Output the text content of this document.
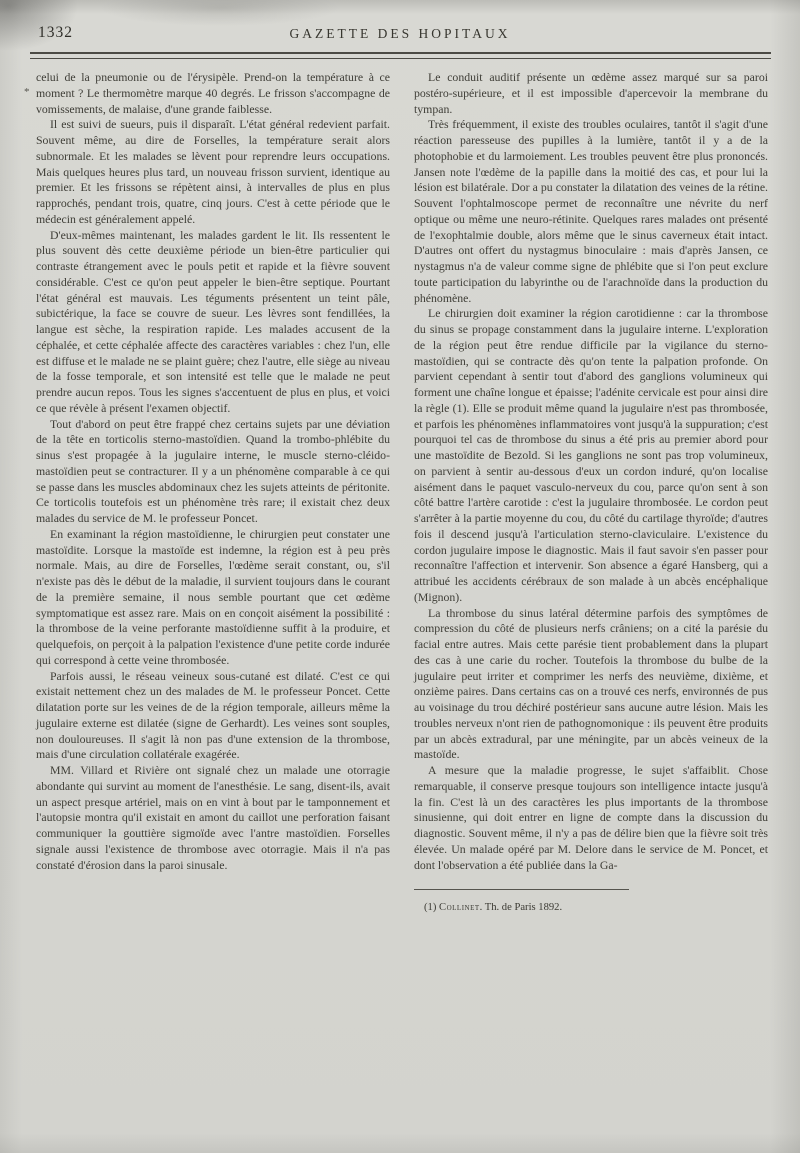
1332	GAZETTE DES HOPITAUX
*

celui de la pneumonie ou de l'érysipèle. Prend-on la température à ce moment ? Le thermomètre marque 40 degrés. Le frisson s'accompagne de vomissements, de malaise, d'une grande faiblesse.

Il est suivi de sueurs, puis il disparaît. L'état général redevient parfait. Souvent même, au dire de Forselles, la température serait alors subnormale. Et les malades se lèvent pour reprendre leurs occupations. Mais quelques heures plus tard, un nouveau frisson survient, identique au premier. Et les frissons se répètent ainsi, à intervalles de plus en plus rapprochés, pendant trois, quatre, cinq jours. C'est à cette période que le médecin est généralement appelé.

D'eux-mêmes maintenant, les malades gardent le lit. Ils ressentent le plus souvent dès cette deuxième période un bien-être particulier qui contraste étrangement avec le pouls petit et rapide et la fièvre souvent considérable. C'est ce qu'on peut appeler le bien-être septique. Pourtant l'état général est mauvais. Les téguments présentent un teint pâle, subictérique, la face se couvre de sueur. Les lèvres sont fendillées, la langue est sèche, la respiration rapide. Les malades accusent de la céphalée, et cette céphalée affecte des caractères variables : chez l'un, elle est diffuse et le malade ne se plaint guère; chez l'autre, elle siège au niveau de la fosse temporale, et son intensité est telle que le malade ne peut prendre aucun repos. Tous les signes s'accentuent de plus en plus, et voici ce que révèle à présent l'examen objectif.

Tout d'abord on peut être frappé chez certains sujets par une déviation de la tête en torticolis sterno-mastoïdien. Quand la trombo-phlébite du sinus s'est propagée à la jugulaire interne, le muscle sterno-cléido-mastoïdien peut se contracturer. Il y a un phénomène comparable à ce qui se passe dans les muscles abdominaux chez les sujets atteints de péritonite. Ce torticolis toutefois est un phénomène très rare; il existait chez deux malades du service de M. le professeur Poncet.

En examinant la région mastoïdienne, le chirurgien peut constater une mastoïdite. Lorsque la mastoïde est indemne, la région est à peu près normale. Mais, au dire de Forselles, l'œdème serait constant, ou, s'il n'existe pas dès le début de la maladie, il survient toujours dans le courant de la première semaine, il nous semble pourtant que cet œdème symptomatique est assez rare. Mais on en conçoit aisément la possibilité : la thrombose de la veine perforante mastoïdienne suffit à la produire, et quelquefois, on perçoit à la palpation l'existence d'une petite corde indurée qui correspond à cette veine thrombosée.

Parfois aussi, le réseau veineux sous-cutané est dilaté. C'est ce qui existait nettement chez un des malades de M. le professeur Poncet. Cette dilatation porte sur les veines de de la région temporale, ailleurs même la jugulaire externe est dilatée (signe de Gerhardt). Les veines sont souples, non douloureuses. Il s'agit là non pas d'une extension de la thrombose, mais d'une circulation collatérale exagérée.

MM. Villard et Rivière ont signalé chez un malade une otorragie abondante qui survint au moment de l'anesthésie. Le sang, disent-ils, avait un aspect presque artériel, mais on en vint à bout par le tamponnement et l'autopsie montra qu'il existait en amont du caillot une perforation faisant communiquer la gouttière sigmoïde avec l'antre mastoïdien. Forselles signale aussi l'existence de thrombose avec otorragie. Mais il n'a pas constaté d'érosion dans la paroi sinusale.

Le conduit auditif présente un œdème assez marqué sur sa paroi postéro-supérieure, et il est impossible d'apercevoir la membrane du tympan.

Très fréquemment, il existe des troubles oculaires, tantôt il s'agit d'une réaction paresseuse des pupilles à la lumière, tantôt il y a de la photophobie et du larmoiement. Les troubles peuvent être plus prononcés. Jansen note l'œdème de la papille dans la moitié des cas, et pour lui la lésion est bilatérale. Dor a pu constater la dilatation des veines de la rétine. Souvent l'ophtalmoscope permet de reconnaître une névrite du nerf optique ou même une neuro-rétinite. Quelques rares malades ont présenté de l'exophtalmie double, alors même que le sinus caverneux était intact. D'autres ont offert du nystagmus binoculaire : mais d'après Jansen, ce nystagmus n'a de valeur comme signe de phlébite que si l'on peut exclure toute participation du labyrinthe ou de l'arachnoïde dans la production du phénomène.

Le chirurgien doit examiner la région carotidienne : car la thrombose du sinus se propage constamment dans la jugulaire interne. L'exploration de la région peut être rendue difficile par la vigilance du sterno-mastoïdien, qui se contracte dès qu'on tente la palpation profonde. On parvient cependant à sentir tout d'abord des ganglions volumineux qui forment une chaîne longue et épaisse; l'adénite cervicale est pour ainsi dire la règle (1). Elle se produit même quand la jugulaire n'est pas thrombosée, et parfois les phénomènes inflammatoires vont jusqu'à la suppuration; c'est pourquoi tel cas de thrombose du sinus a été pris au premier abord pour une mastoïdite de Bezold. Si les ganglions ne sont pas trop volumineux, on parvient à sentir au-dessous d'eux un cordon induré, qu'on localise aisément dans le paquet vasculo-nerveux du cou, parce qu'on sent à son côté battre l'artère carotide : c'est la jugulaire thrombosée. Le cordon peut s'arrêter à la partie moyenne du cou, du côté du cartilage thyroïde; d'autres fois il descend jusqu'à l'articulation sterno-claviculaire. L'existence du cordon jugulaire impose le diagnostic. Mais il faut savoir s'en passer pour reconnaître l'affection et intervenir. Son absence a égaré Hansberg, qui a attribué les accidents cérébraux de son malade à un abcès encéphalique (Mignon).

La thrombose du sinus latéral détermine parfois des symptômes de compression du côté de plusieurs nerfs crâniens; on a cité la parésie du facial entre autres. Mais cette parésie tient probablement dans la plupart des cas à une carie du rocher. Toutefois la thrombose du bulbe de la jugulaire peut irriter et comprimer les nerfs des neuvième, dixième, et onzième paires. Dans certains cas on a trouvé ces nerfs, environnés de pus au voisinage du trou déchiré postérieur sans aucune autre lésion. Mais les troubles nerveux n'ont rien de pathognomonique : ils peuvent être produits par un abcès extradural, par une méningite, par un abcès veineux de la mastoïde.

A mesure que la maladie progresse, le sujet s'affaiblit. Chose remarquable, il conserve presque toujours son intelligence intacte jusqu'à la fin. C'est là un des caractères les plus importants de la thrombose sinusienne, qui doit entrer en ligne de compte dans la discussion du diagnostic. Souvent même, il n'y a pas de délire bien que la fièvre soit très élevée. Un malade opéré par M. Delore dans le service de M. Poncet, et dont l'observation a été publiée dans la Ga-

(1) Collinet. Th. de Paris 1892.
